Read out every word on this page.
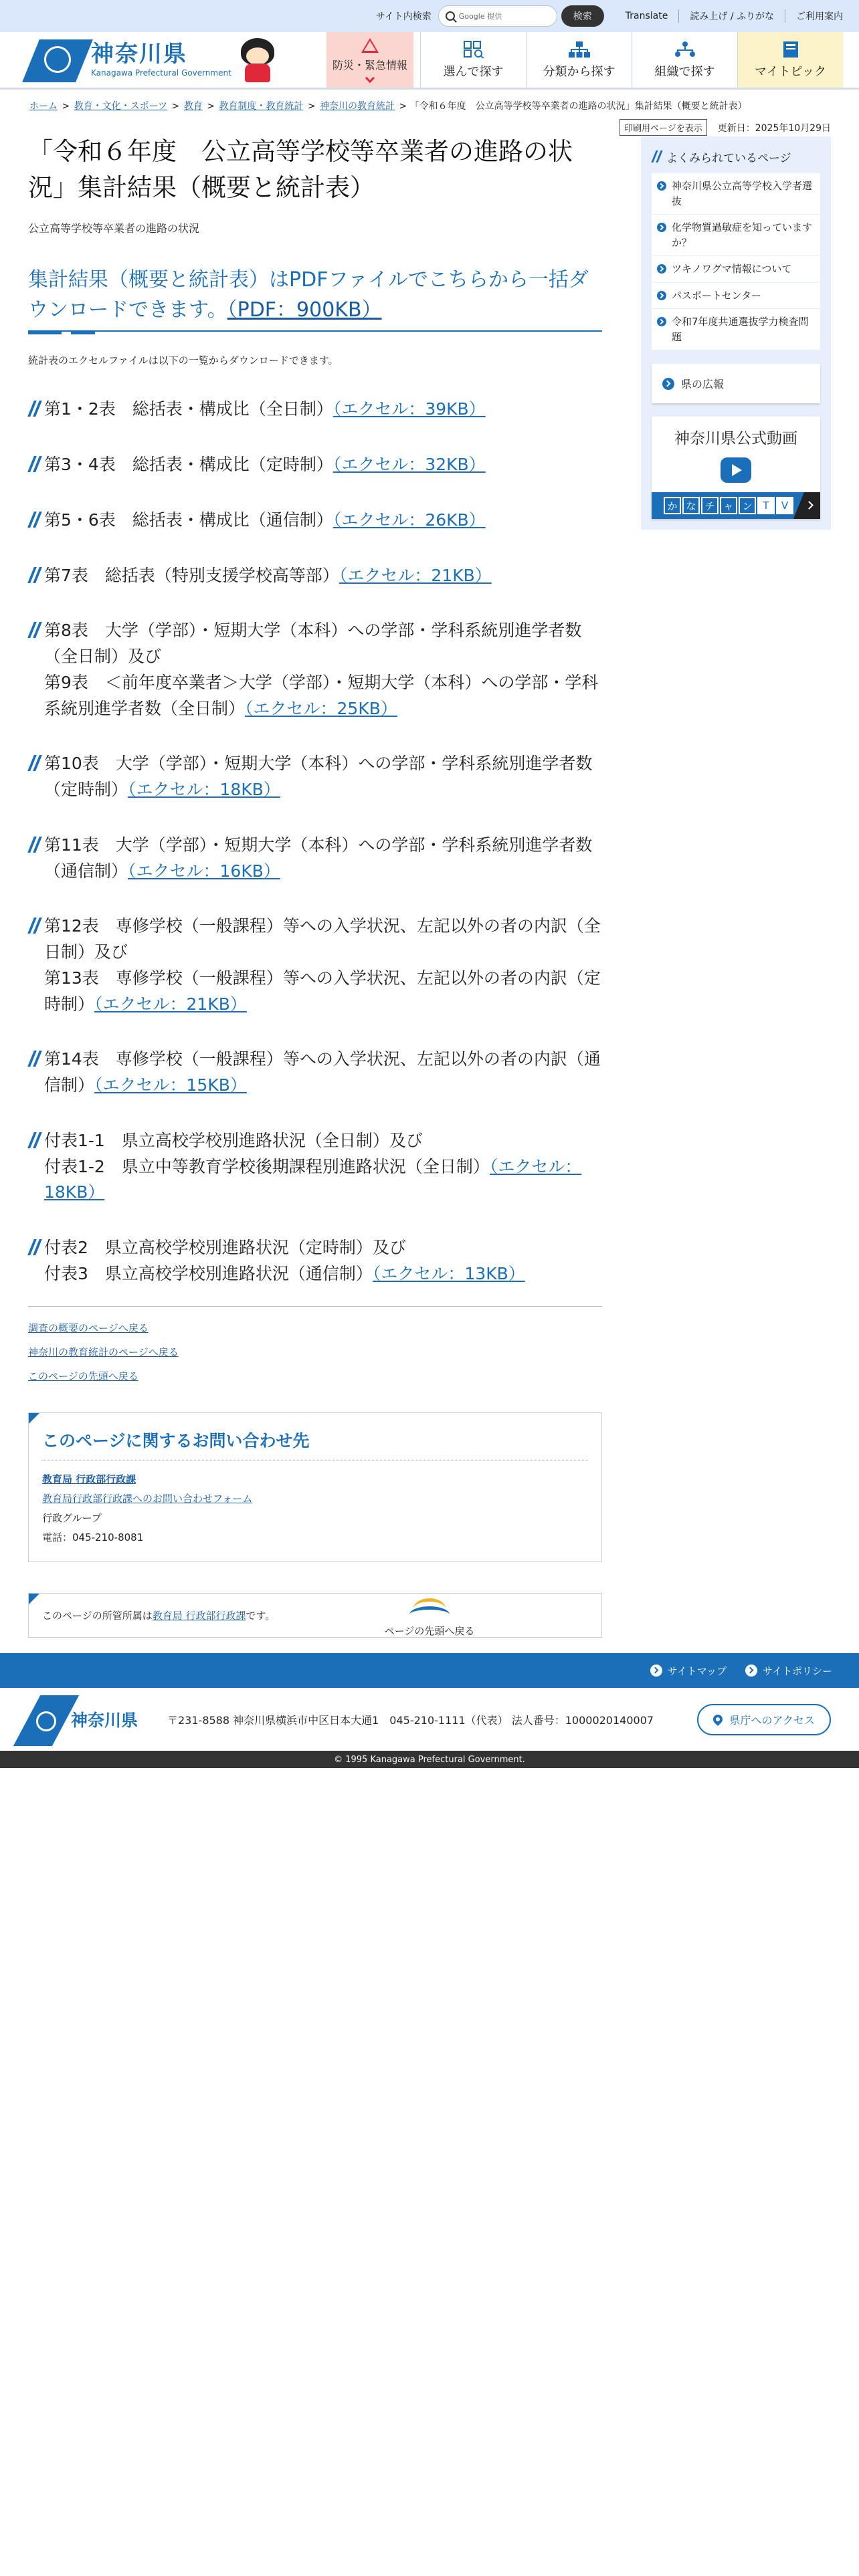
サイト内検索	Google 提供	検索	Translate	読み上げ / ふりがな	ご利用案内
神奈川県
Kanagawa Prefectural Government
防災・緊急情報	選んで探す	分類から探す	組織で探す	マイトピック
ホーム > 教育・文化・スポーツ > 教育 > 教育制度・教育統計 > 神奈川の教育統計 > 「令和６年度　公立高等学校等卒業者の進路の状況」集計結果（概要と統計表）
印刷用ページを表示	更新日：2025年10月29日
「令和６年度　公立高等学校等卒業者の進路の状況」集計結果（概要と統計表）
公立高等学校等卒業者の進路の状況
集計結果（概要と統計表）はPDFファイルでこちらから一括ダウンロードできます。（PDF：900KB）
統計表のエクセルファイルは以下の一覧からダウンロードできます。
第1・2表　総括表・構成比（全日制）（エクセル：39KB）
第3・4表　総括表・構成比（定時制）（エクセル：32KB）
第5・6表　総括表・構成比（通信制）（エクセル：26KB）
第7表　総括表（特別支援学校高等部）（エクセル：21KB）
第8表　大学（学部）・短期大学（本科）への学部・学科系統別進学者数（全日制）及び
第9表　＜前年度卒業者＞大学（学部）・短期大学（本科）への学部・学科系統別進学者数（全日制）（エクセル：25KB）
第10表　大学（学部）・短期大学（本科）への学部・学科系統別進学者数（定時制）（エクセル：18KB）
第11表　大学（学部）・短期大学（本科）への学部・学科系統別進学者数（通信制）（エクセル：16KB）
第12表　専修学校（一般課程）等への入学状況、左記以外の者の内訳（全日制）及び
第13表　専修学校（一般課程）等への入学状況、左記以外の者の内訳（定時制）（エクセル：21KB）
第14表　専修学校（一般課程）等への入学状況、左記以外の者の内訳（通信制）（エクセル：15KB）
付表1-1　県立高校学校別進路状況（全日制）及び
付表1-2　県立中等教育学校後期課程別進路状況（全日制）（エクセル：18KB）
付表2　県立高校学校別進路状況（定時制）及び
付表3　県立高校学校別進路状況（通信制）（エクセル：13KB）
調査の概要のページへ戻る
神奈川の教育統計のページへ戻る
このページの先頭へ戻る
このページに関するお問い合わせ先
教育局 行政部行政課
教育局行政部行政課へのお問い合わせフォーム
行政グループ
電話：045-210-8081
このページの所管所属は教育局 行政部行政課です。
よくみられているページ
神奈川県公立高等学校入学者選抜
化学物質過敏症を知っていますか？
ツキノワグマ情報について
パスポートセンター
令和7年度共通選抜学力検査問題
県の広報
神奈川県公式動画
か な チ ャ ン	T	V
ページの先頭へ戻る
サイトマップ	サイトポリシー
神奈川県	〒231-8588 神奈川県横浜市中区日本大通1　045-210-1111（代表） 法人番号：1000020140007	県庁へのアクセス
© 1995 Kanagawa Prefectural Government.
